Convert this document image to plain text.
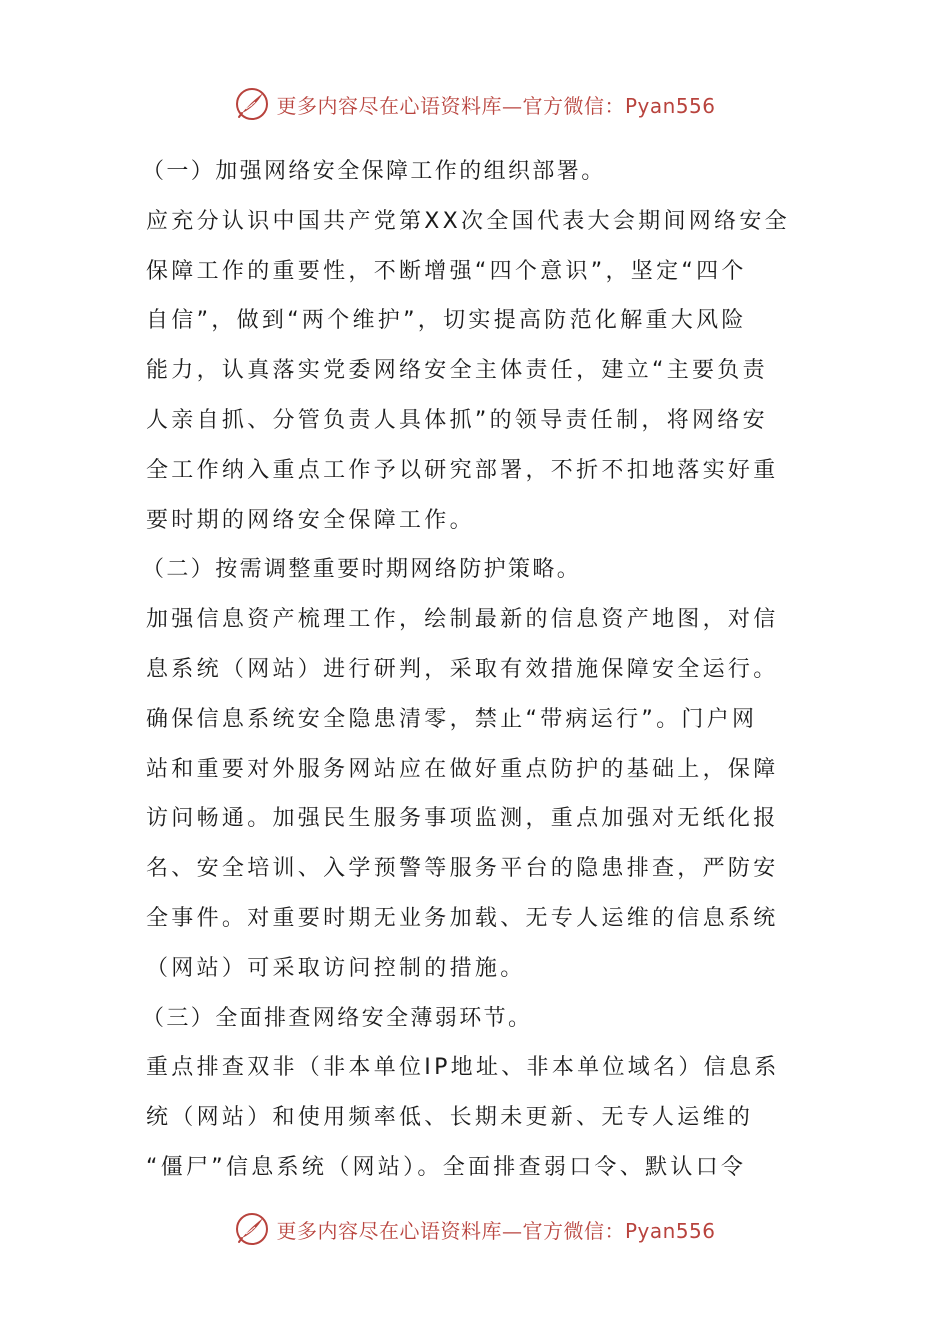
更多内容尽在心语资料库—官方微信：Pyan556
（一）加强网络安全保障工作的组织部署。
应充分认识中国共产党第XX次全国代表大会期间网络安全
保障工作的重要性，不断增强“四个意识”，坚定“四个
自信”，做到“两个维护”，切实提高防范化解重大风险
能力，认真落实党委网络安全主体责任，建立“主要负责
人亲自抓、分管负责人具体抓”的领导责任制，将网络安
全工作纳入重点工作予以研究部署，不折不扣地落实好重
要时期的网络安全保障工作。
（二）按需调整重要时期网络防护策略。
加强信息资产梳理工作，绘制最新的信息资产地图，对信
息系统（网站）进行研判，采取有效措施保障安全运行。
确保信息系统安全隐患清零，禁止“带病运行”。门户网
站和重要对外服务网站应在做好重点防护的基础上，保障
访问畅通。加强民生服务事项监测，重点加强对无纸化报
名、安全培训、入学预警等服务平台的隐患排查，严防安
全事件。对重要时期无业务加载、无专人运维的信息系统
（网站）可采取访问控制的措施。
（三）全面排查网络安全薄弱环节。
重点排查双非（非本单位IP地址、非本单位域名）信息系
统（网站）和使用频率低、长期未更新、无专人运维的
“僵尸”信息系统（网站）。全面排查弱口令、默认口令
更多内容尽在心语资料库—官方微信：Pyan556
